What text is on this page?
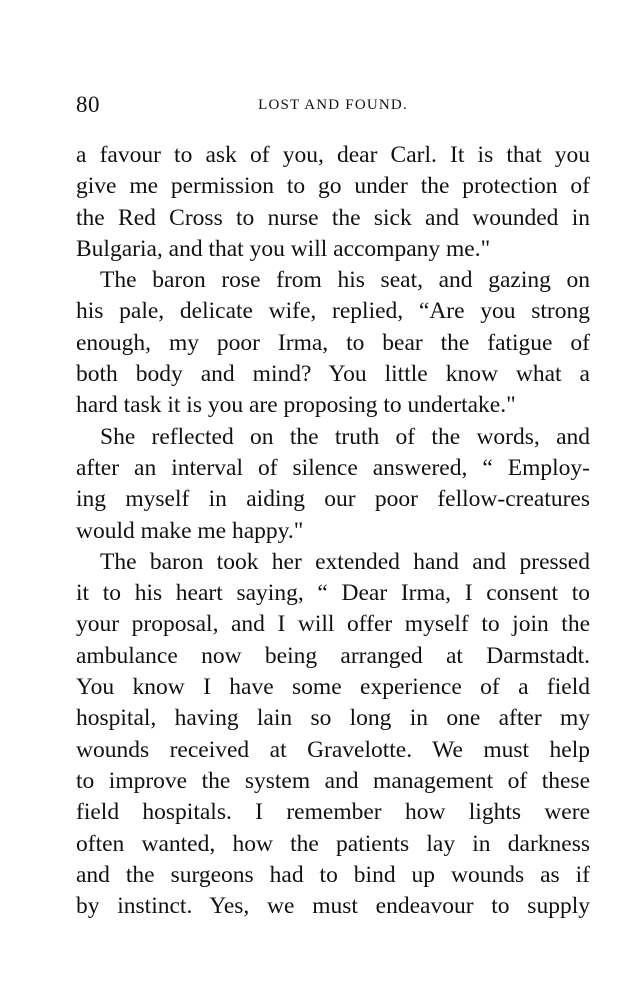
80	LOST AND FOUND.
a favour to ask of you, dear Carl. It is that you
give me permission to go under the protection of
the Red Cross to nurse the sick and wounded in
Bulgaria, and that you will accompany me."
The baron rose from his seat, and gazing on
his pale, delicate wife, replied, “Are you strong
enough, my poor Irma, to bear the fatigue of
both body and mind? You little know what a
hard task it is you are proposing to undertake."
She reflected on the truth of the words, and
after an interval of silence answered, “ Employ-
ing myself in aiding our poor fellow-creatures
would make me happy."
The baron took her extended hand and pressed
it to his heart saying, “ Dear Irma, I consent to
your proposal, and I will offer myself to join the
ambulance now being arranged at Darmstadt.
You know I have some experience of a field
hospital, having lain so long in one after my
wounds received at Gravelotte. We must help
to improve the system and management of these
field hospitals. I remember how lights were
often wanted, how the patients lay in darkness
and the surgeons had to bind up wounds as if
by instinct. Yes, we must endeavour to supply
